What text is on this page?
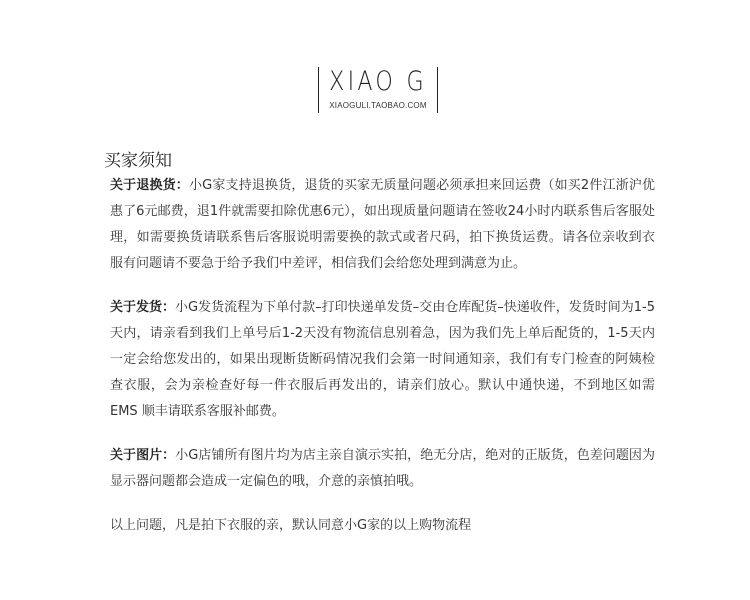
XIAO G
XIAOGULI.TAOBAO.COM
买家须知

关于退换货：小G家支持退换货，退货的买家无质量问题必须承担来回运费（如买2件江浙沪优惠了6元邮费，退1件就需要扣除优惠6元），如出现质量问题请在签收24小时内联系售后客服处理，如需要换货请联系售后客服说明需要换的款式或者尺码，拍下换货运费。请各位亲收到衣服有问题请不要急于给予我们中差评，相信我们会给您处理到满意为止。

关于发货：小G发货流程为下单付款–打印快递单发货–交由仓库配货–快递收件，发货时间为1-5天内，请亲看到我们上单号后1-2天没有物流信息别着急，因为我们先上单后配货的，1-5天内一定会给您发出的，如果出现断货断码情况我们会第一时间通知亲，我们有专门检查的阿姨检查衣服，会为亲检查好每一件衣服后再发出的，请亲们放心。默认中通快递，不到地区如需EMS 顺丰请联系客服补邮费。

关于图片：小G店铺所有图片均为店主亲自演示实拍，绝无分店，绝对的正版货，色差问题因为显示器问题都会造成一定偏色的哦，介意的亲慎拍哦。

以上问题，凡是拍下衣服的亲，默认同意小G家的以上购物流程
